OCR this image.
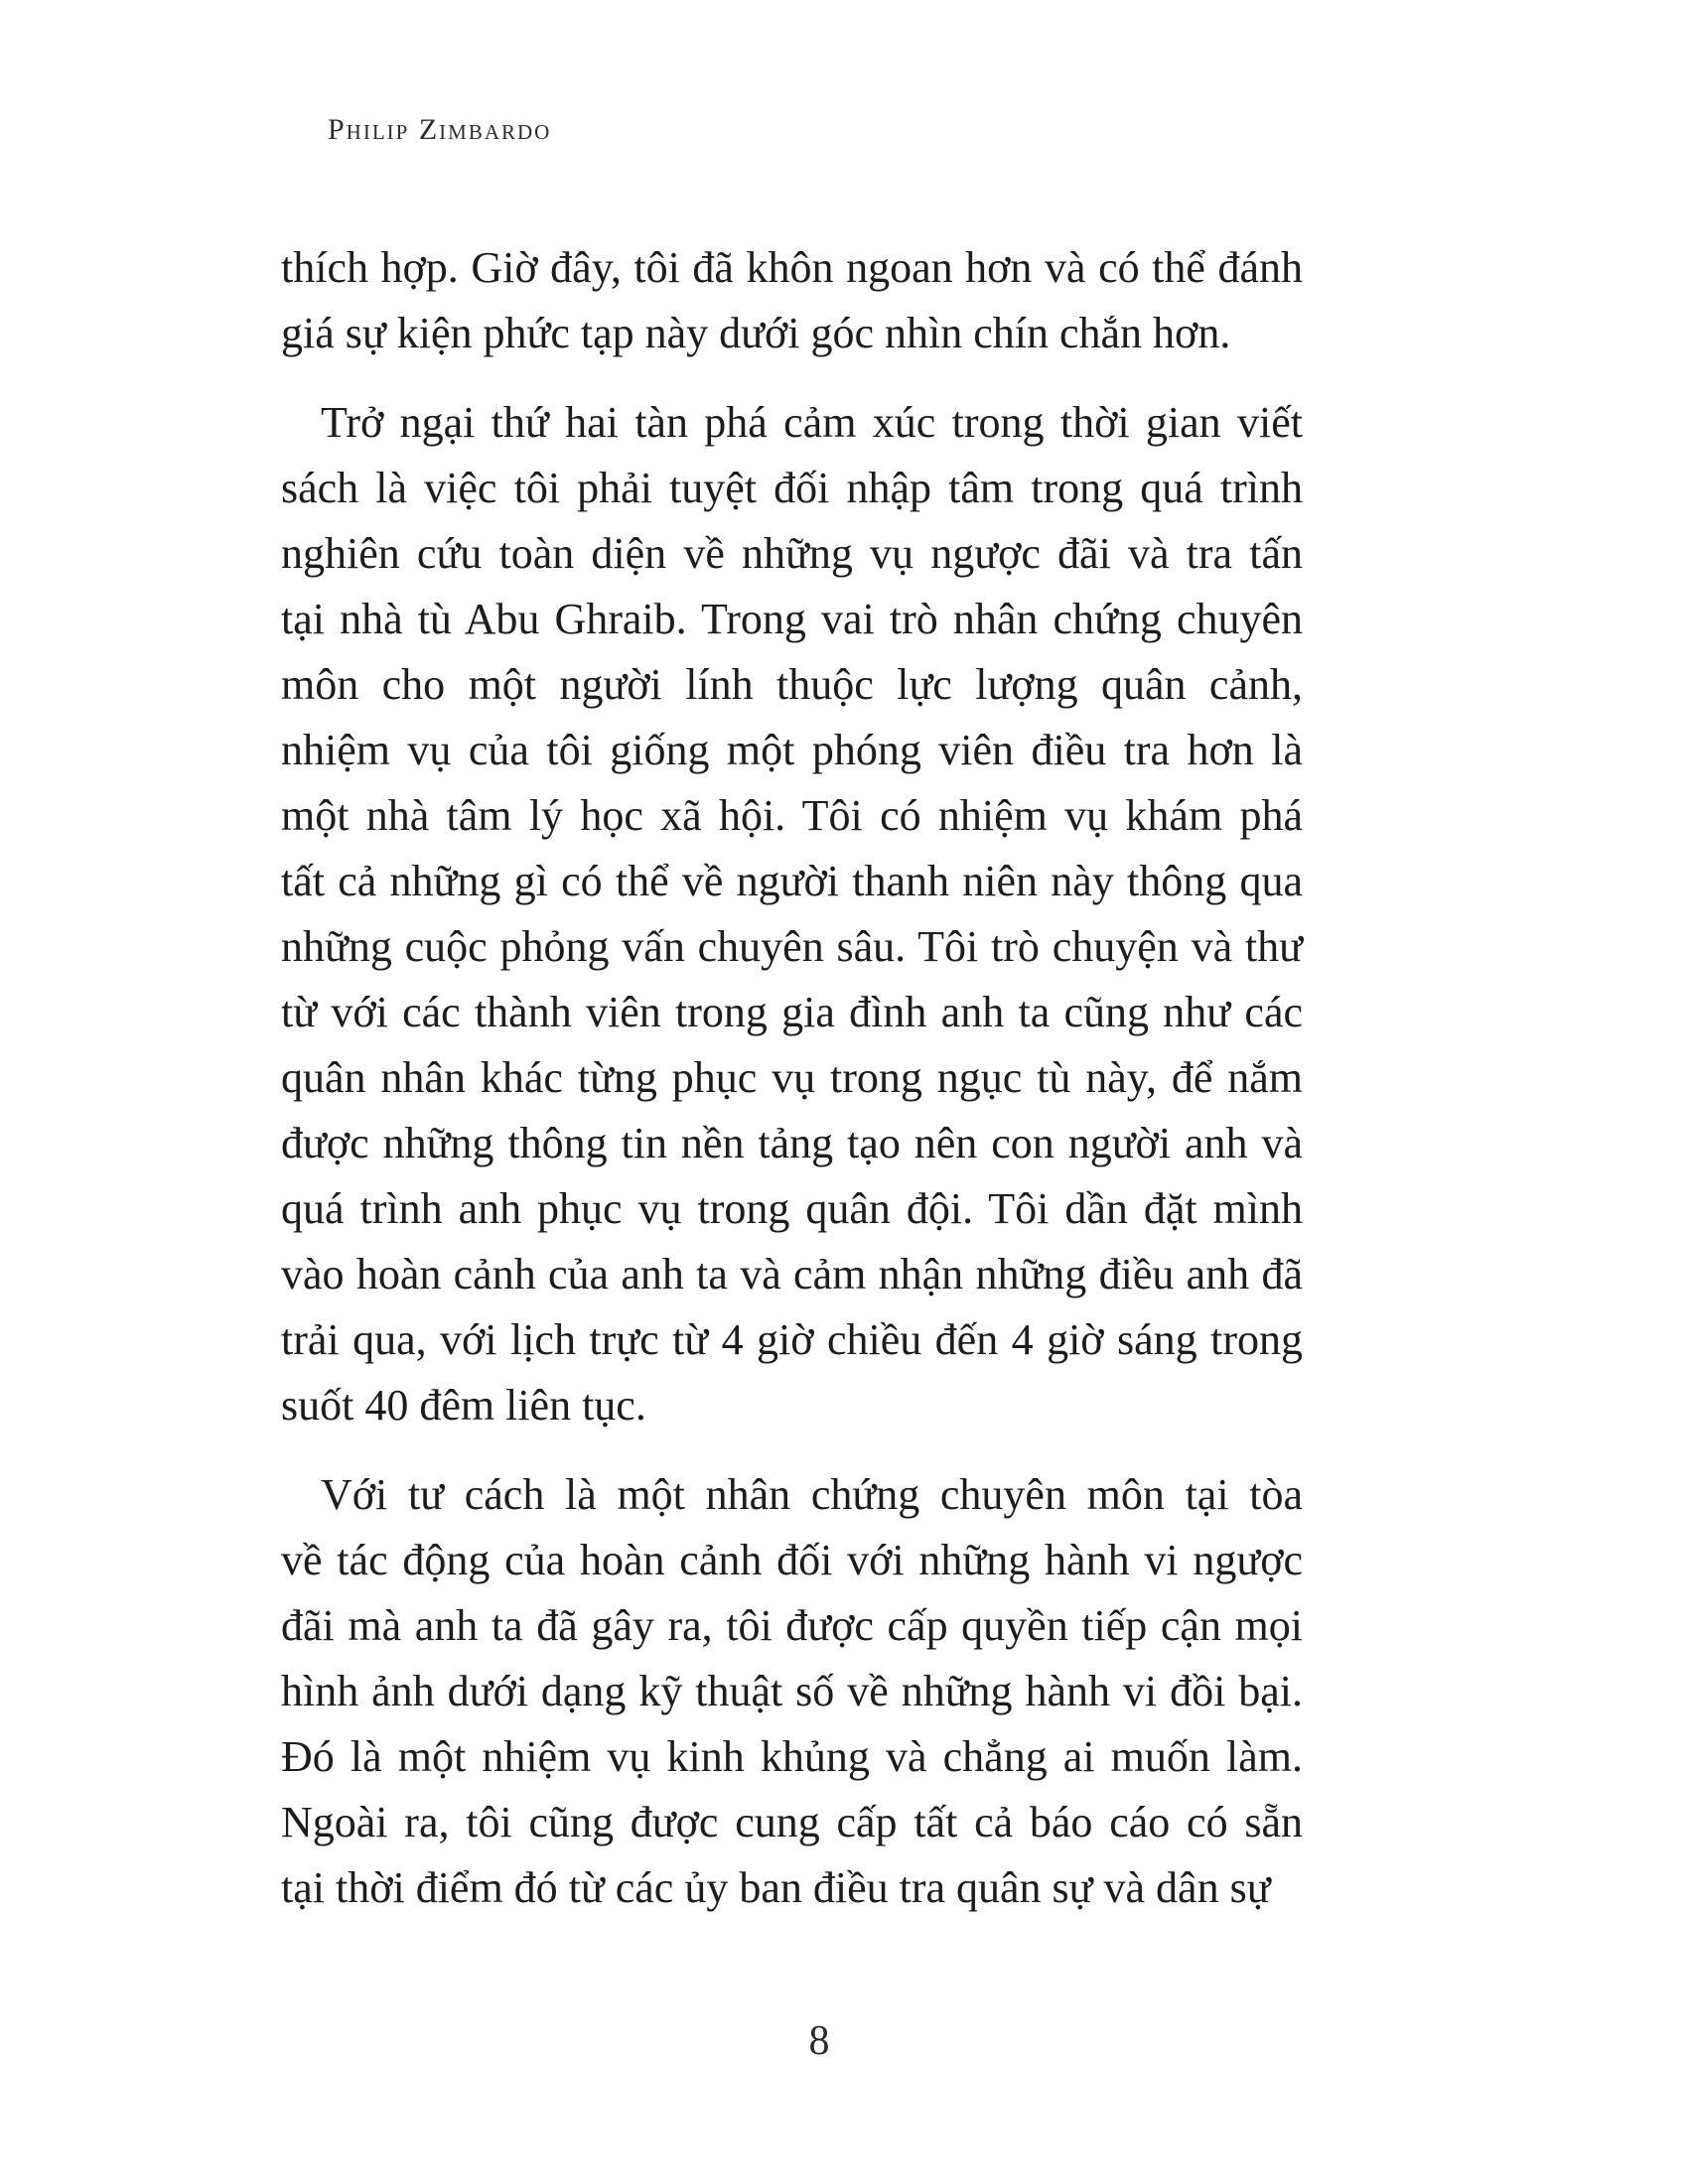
Philip Zimbardo
thích hợp. Giờ đây, tôi đã khôn ngoan hơn và có thể đánh
giá sự kiện phức tạp này dưới góc nhìn chín chắn hơn.
Trở ngại thứ hai tàn phá cảm xúc trong thời gian viết
sách là việc tôi phải tuyệt đối nhập tâm trong quá trình
nghiên cứu toàn diện về những vụ ngược đãi và tra tấn
tại nhà tù Abu Ghraib. Trong vai trò nhân chứng chuyên
môn cho một người lính thuộc lực lượng quân cảnh,
nhiệm vụ của tôi giống một phóng viên điều tra hơn là
một nhà tâm lý học xã hội. Tôi có nhiệm vụ khám phá
tất cả những gì có thể về người thanh niên này thông qua
những cuộc phỏng vấn chuyên sâu. Tôi trò chuyện và thư
từ với các thành viên trong gia đình anh ta cũng như các
quân nhân khác từng phục vụ trong ngục tù này, để nắm
được những thông tin nền tảng tạo nên con người anh và
quá trình anh phục vụ trong quân đội. Tôi dần đặt mình
vào hoàn cảnh của anh ta và cảm nhận những điều anh đã
trải qua, với lịch trực từ 4 giờ chiều đến 4 giờ sáng trong
suốt 40 đêm liên tục.
Với tư cách là một nhân chứng chuyên môn tại tòa
về tác động của hoàn cảnh đối với những hành vi ngược
đãi mà anh ta đã gây ra, tôi được cấp quyền tiếp cận mọi
hình ảnh dưới dạng kỹ thuật số về những hành vi đồi bại.
Đó là một nhiệm vụ kinh khủng và chẳng ai muốn làm.
Ngoài ra, tôi cũng được cung cấp tất cả báo cáo có sẵn
tại thời điểm đó từ các ủy ban điều tra quân sự và dân sự
8
